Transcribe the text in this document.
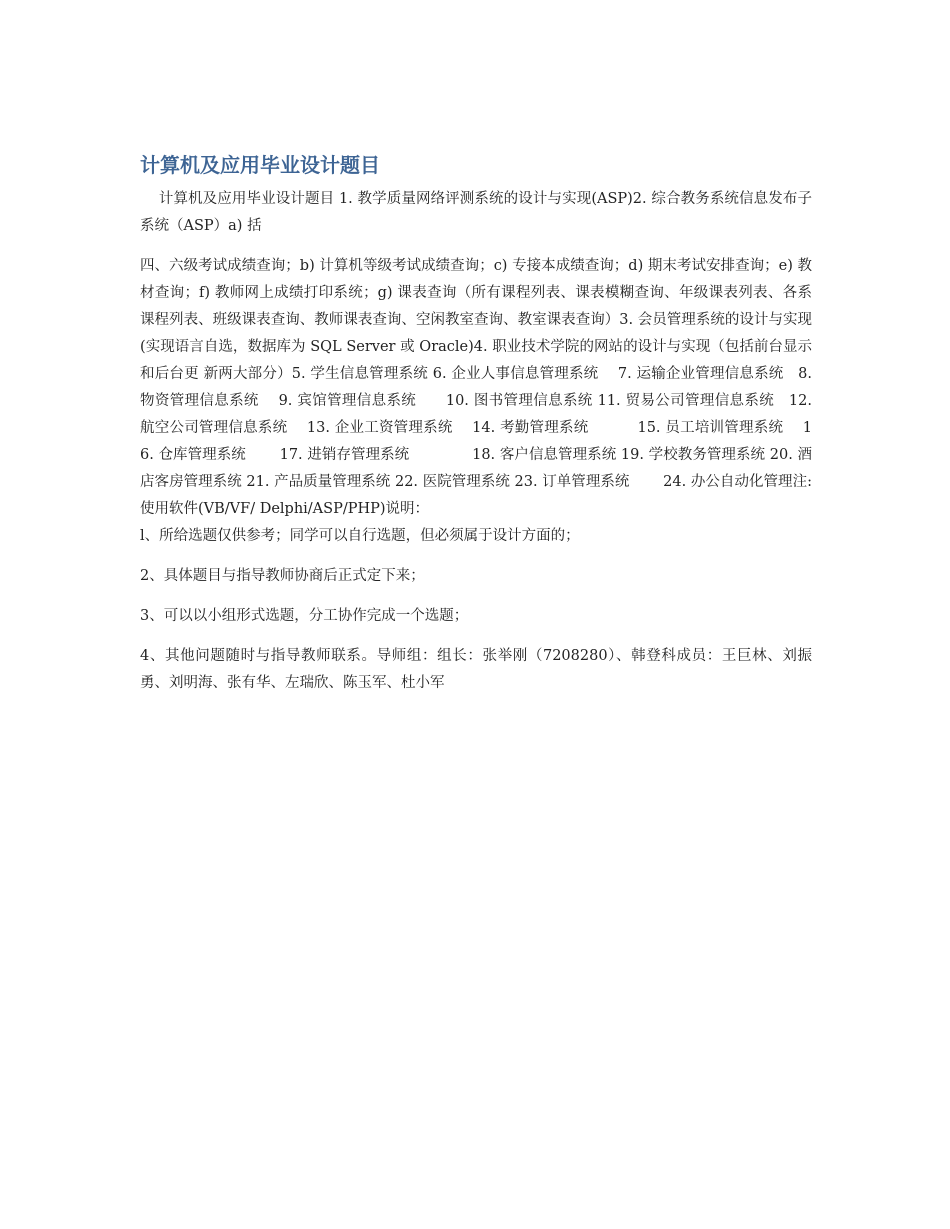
计算机及应用毕业设计题目

计算机及应用毕业设计题目 1. 教学质量网络评测系统的设计与实现(ASP)2. 综合教务系统信息发布子系统（ASP）a) 括

四、六级考试成绩查询；b) 计算机等级考试成绩查询；c) 专接本成绩查询；d) 期末考试安排查询；e) 教材查询；f) 教师网上成绩打印系统；g) 课表查询（所有课程列表、课表模糊查询、年级课表列表、各系课程列表、班级课表查询、教师课表查询、空闲教室查询、教室课表查询）3. 会员管理系统的设计与实现(实现语言自选，数据库为 SQL Server 或 Oracle)4. 职业技术学院的网站的设计与实现（包括前台显示和后台更 新两大部分）5. 学生信息管理系统 6. 企业人事信息管理系统　 7. 运输企业管理信息系统　8. 物资管理信息系统　 9. 宾馆管理信息系统　　10. 图书管理信息系统 11. 贸易公司管理信息系统　12. 航空公司管理信息系统　 13. 企业工资管理系统　 14. 考勤管理系统　　　 15. 员工培训管理系统　 16. 仓库管理系统　　 17. 进销存管理系统　　　　 18. 客户信息管理系统 19. 学校教务管理系统 20. 酒店客房管理系统 21. 产品质量管理系统 22. 医院管理系统 23. 订单管理系统　　 24. 办公自动化管理注:使用软件(VB/VF/ Delphi/ASP/PHP)说明：

l、所给选题仅供参考；同学可以自行选题，但必须属于设计方面的；

2、具体题目与指导教师协商后正式定下来；

3、可以以小组形式选题，分工协作完成一个选题；

4、其他问题随时与指导教师联系。导师组：组长：张举刚（7208280）、韩登科成员：王巨林、刘振勇、刘明海、张有华、左瑞欣、陈玉军、杜小军
